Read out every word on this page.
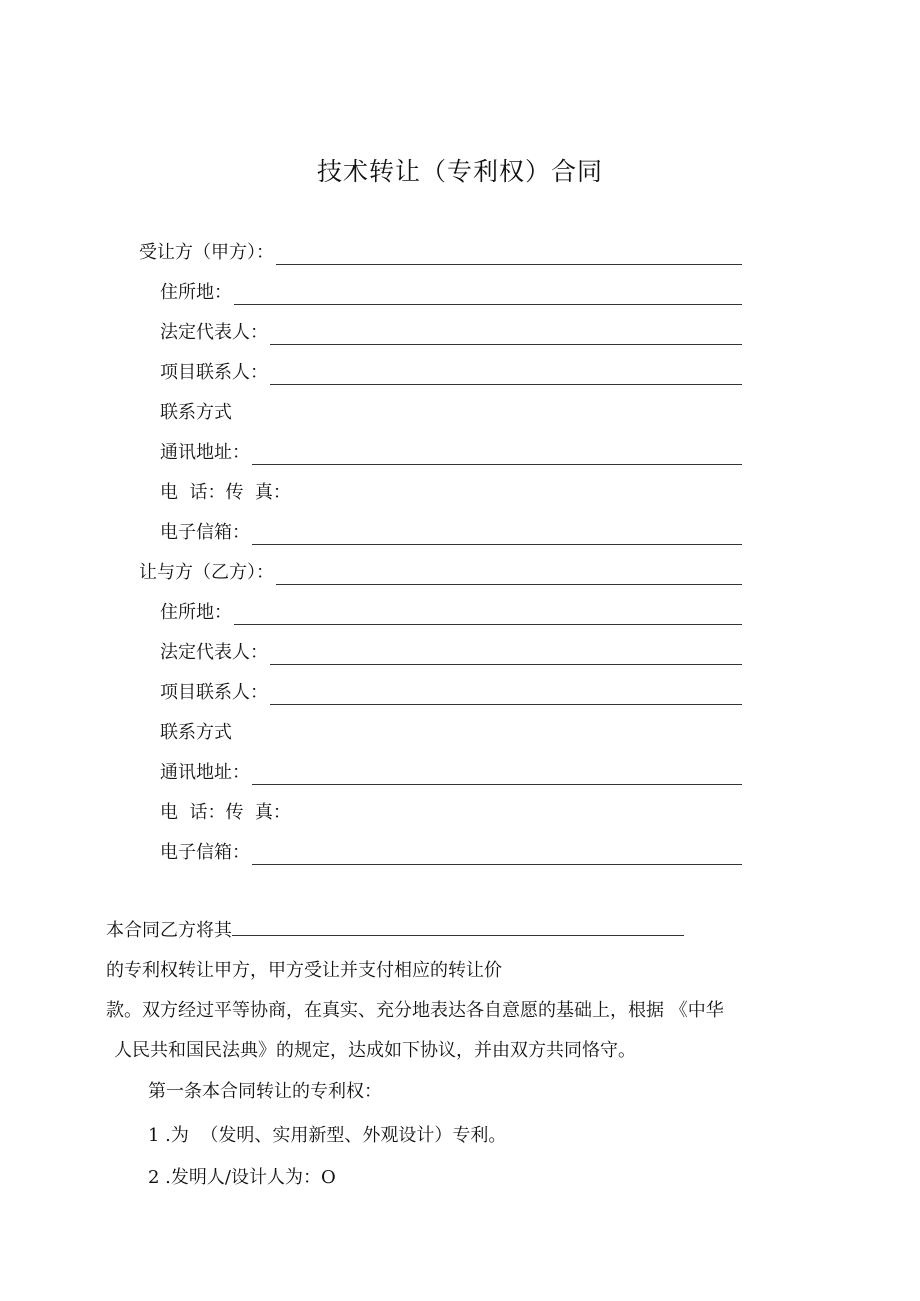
技术转让（专利权）合同
受让方（甲方）：
住所地：
法定代表人：
项目联系人：
联系方式
通讯地址：
电  话：传  真：
电子信箱：
让与方（乙方）：
住所地：
法定代表人：
项目联系人：
联系方式
通讯地址：
电  话：传  真：
电子信箱：
本合同乙方将其
的专利权转让甲方，甲方受让并支付相应的转让价
款。双方经过平等协商，在真实、充分地表达各自意愿的基础上，根据 《中华
人民共和国民法典》的规定，达成如下协议，并由双方共同恪守。
第一条本合同转让的专利权：
1 .为  （发明、实用新型、外观设计）专利。
2 .发明人/设计人为：O
